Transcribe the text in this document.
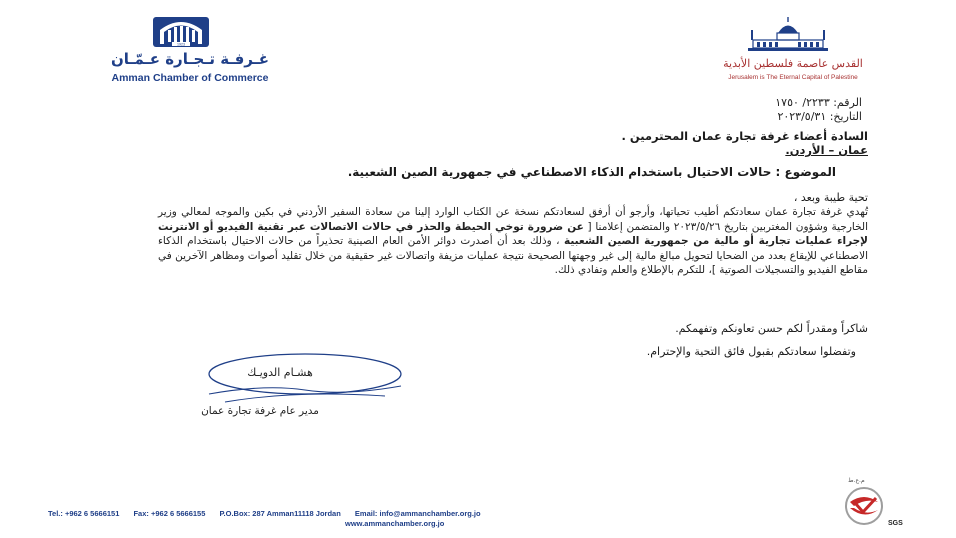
1923
غـرفـة تـجـارة عـمّـان
Amman Chamber of Commerce
القدس عاصمة فلسطين الأبدية
Jerusalem is The Eternal Capital of Palestine
الرقم: ٢٢٣٣/ ١٧٥٠
التاريخ: ٢٠٢٣/٥/٣١
السادة أعضاء غرفة تجارة عمان المحترمين .
عمان – الأردن.
الموضوع : حالات الاحتيال باستخدام الذكاء الاصطناعي في جمهورية الصين الشعبية.
تحية طيبة وبعد ،
تُهدي غرفة تجارة عمان سعادتكم أطيب تحياتها، وأرجو أن أرفق لسعادتكم نسخة عن الكتاب الوارد إلينا من سعادة السفير الأردني في بكين والموجه لمعالي وزير الخارجية وشؤون المغتربين بتاريخ ٢٠٢٣/٥/٢٦ والمتضمن إعلامنا [ عن ضرورة توخي الحيطة والحذر في حالات الاتصالات عبر تقنية الفيديو أو الانترنت لإجراء عمليات تجارية أو مالية من جمهورية الصين الشعبية ، وذلك بعد أن أصدرت دوائر الأمن العام الصينية تحذيراً من حالات الاحتيال باستخدام الذكاء الاصطناعي للإيقاع بعدد من الضحايا لتحويل مبالغ مالية إلى غير وجهتها الصحيحة نتيجة عمليات مزيفة واتصالات غير حقيقية من خلال تقليد أصوات ومظاهر الآخرين في مقاطع الفيديو والتسجيلات الصوتية ]، للتكرم بالإطلاع والعلم وتفادي ذلك.
شاكراً ومقدراً لكم حسن تعاونكم وتفهمكم.
وتفضلوا سعادتكم بقبول فائق التحية والإحترام.
هشـام الدويـك
مدير عام غرفة تجارة عمان
Tel.: +962 6 5666151 Fax: +962 6 5666155 P.O.Box: 287 Amman11118 Jordan Email: info@ammanchamber.org.jo
www.ammanchamber.org.jo
م.ع.ط
SGS
